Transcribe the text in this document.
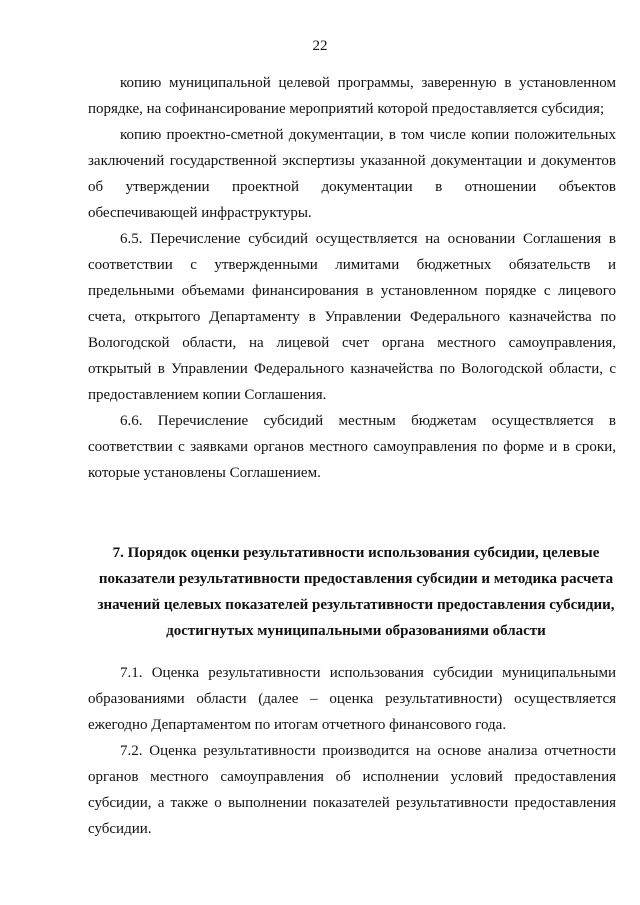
22

копию муниципальной целевой программы, заверенную в установленном порядке, на софинансирование мероприятий которой предоставляется субсидия;

копию проектно-сметной документации, в том числе копии положительных заключений государственной экспертизы указанной документации и документов об утверждении проектной документации в отношении объектов обеспечивающей инфраструктуры.

6.5. Перечисление субсидий осуществляется на основании Соглашения в соответствии с утвержденными лимитами бюджетных обязательств и предельными объемами финансирования в установленном порядке с лицевого счета, открытого Департаменту в Управлении Федерального казначейства по Вологодской области, на лицевой счет органа местного самоуправления, открытый в Управлении Федерального казначейства по Вологодской области, с предоставлением копии Соглашения.

6.6. Перечисление субсидий местным бюджетам осуществляется в соответствии с заявками органов местного самоуправления по форме и в сроки, которые установлены Соглашением.

7. Порядок оценки результативности использования субсидии, целевые показатели результативности предоставления субсидии и методика расчета значений целевых показателей результативности предоставления субсидии, достигнутых муниципальными образованиями области

7.1. Оценка результативности использования субсидии муниципальными образованиями области (далее – оценка результативности) осуществляется ежегодно Департаментом по итогам отчетного финансового года.

7.2. Оценка результативности производится на основе анализа отчетности органов местного самоуправления об исполнении условий предоставления субсидии, а также о выполнении показателей результативности предоставления субсидии.
